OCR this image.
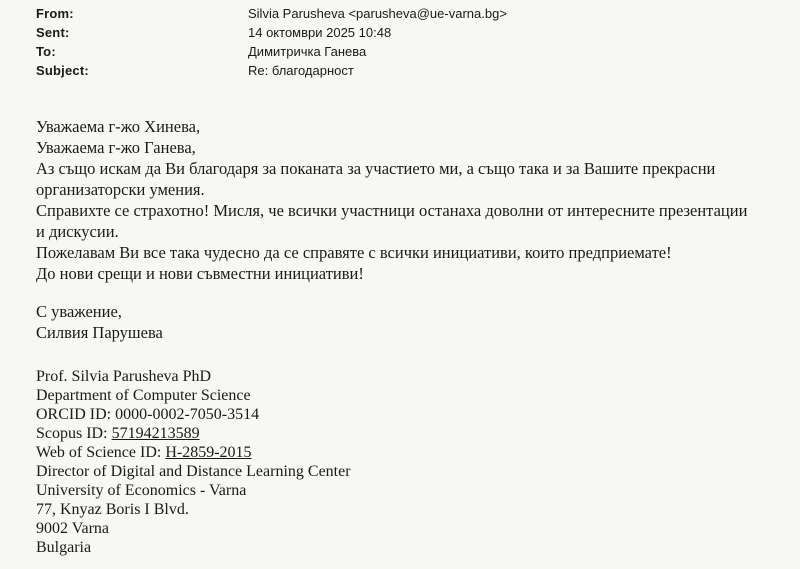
From:	Silvia Parusheva <parusheva@ue-varna.bg>
Sent:	14 октомври 2025 10:48
To:	Димитричка Ганева
Subject:	Re: благодарност
Уважаема г-жо Хинева,
Уважаема г-жо Ганева,
Аз също искам да Ви благодаря за поканата за участието ми, а също така и за Вашите прекрасни
организаторски умения.
Справихте се страхотно! Мисля, че всички участници останаха доволни от интересните презентации
и дискусии.
Пожелавам Ви все така чудесно да се справяте с всички инициативи, които предприемате!
До нови срещи и нови съвместни инициативи!
С уважение,
Силвия Парушева
Prof. Silvia Parusheva PhD
Department of Computer Science
ORCID ID: 0000-0002-7050-3514
Scopus ID: 57194213589
Web of Science ID: H-2859-2015
Director of Digital and Distance Learning Center
University of Economics - Varna
77, Knyaz Boris I Blvd.
9002 Varna
Bulgaria
